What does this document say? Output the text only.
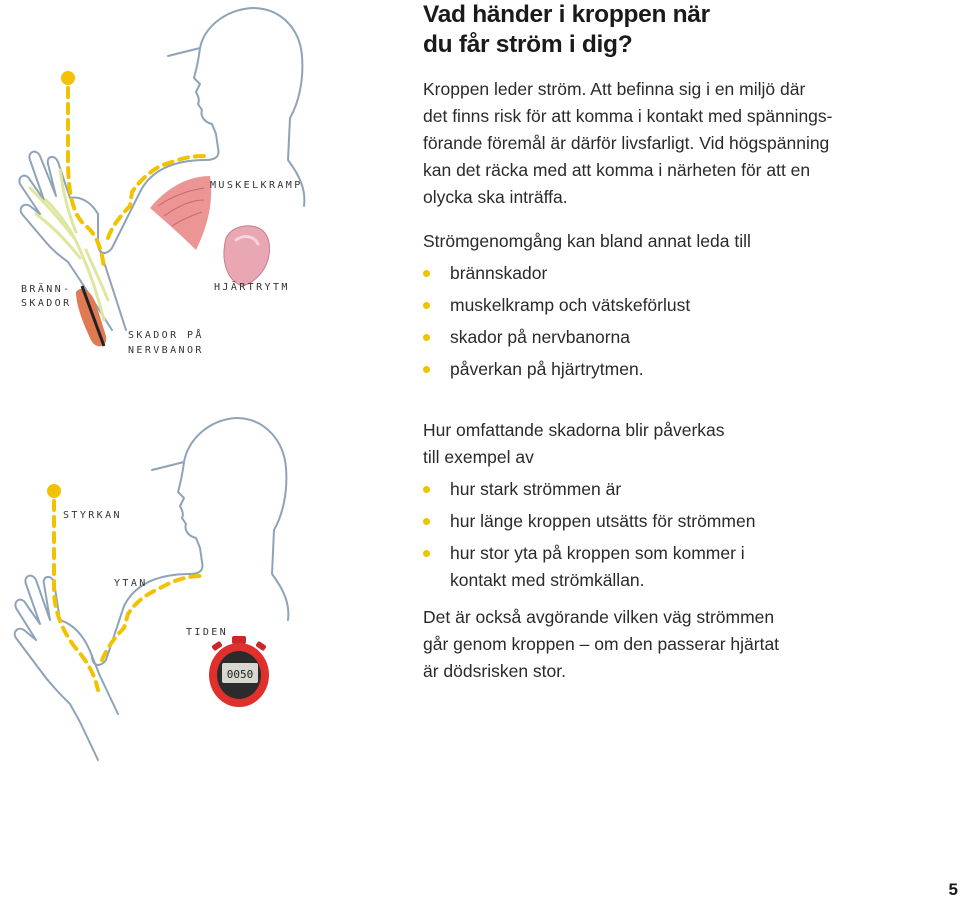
0050
MUSKELKRAMP
HJÄRTRYTM
BRÄNN-
SKADOR
SKADOR PÅ
NERVBANOR
STYRKAN
YTAN
TIDEN
Vad händer i kroppen när
du får ström i dig?

Kroppen leder ström. Att befinna sig i en miljö där
det finns risk för att komma i kontakt med spännings-
förande föremål är därför livsfarligt. Vid högspänning
kan det räcka med att komma i närheten för att en
olycka ska inträffa.

Strömgenomgång kan bland annat leda till

brännskador
muskelkramp och vätskeförlust
skador på nervbanorna
påverkan på hjärtrytmen.

Hur omfattande skadorna blir påverkas
till exempel av

hur stark strömmen är
hur länge kroppen utsätts för strömmen
hur stor yta på kroppen som kommer i
kontakt med strömkällan.

Det är också avgörande vilken väg strömmen
går genom kroppen – om den passerar hjärtat
är dödsrisken stor.

5
